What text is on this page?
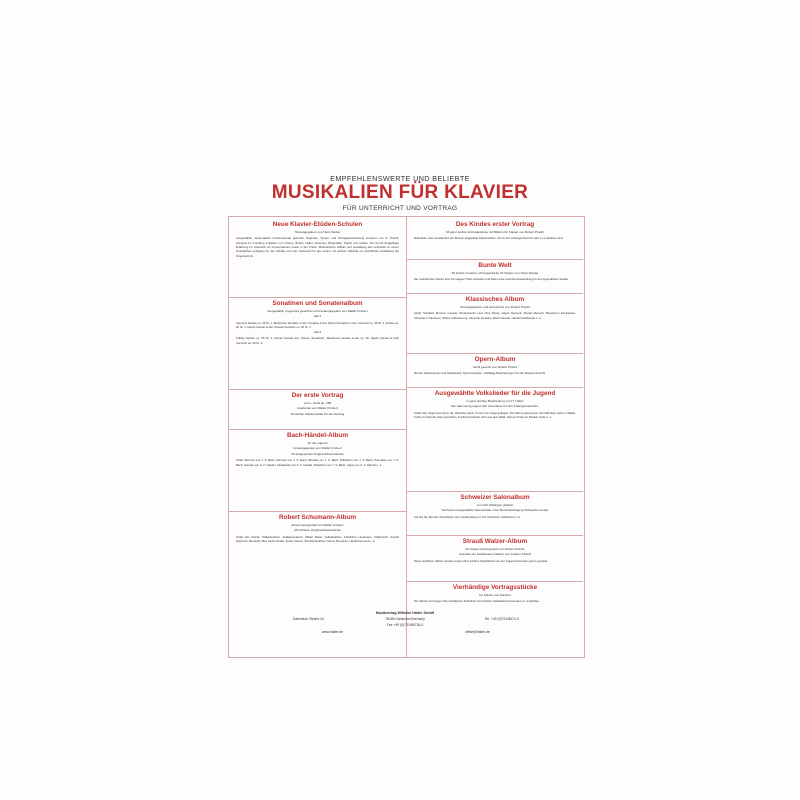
EMPFEHLENSWERTE UND BELIEBTE
MUSIKALIEN FÜR KLAVIER
FÜR UNTERRICHT UND VORTRAG
Neue Klavier-Etüden-Schulen
Herausgegeben von Hans Weber
Ausgewählte, systematisch fortschreitende gesunde, fingernde, Tempo- und Vortragsbezeichnung versehen von R. Pracht. (Vorspiel zu 3 Heften) 3 Etüden von Czerny, Bertini, Heller, Duvernoy, Burgmüller, Pracht und andere. Auf Grund langjähriger Erfahrung im Unterricht an Konservatorien sowie in der Praxis. Methodischer Aufbau und Gestaltung des Lehrstoffs zu einem einheitlichen Lehrgang für den Schüler und zum Gebrauch für den Lehrer mit reichem Material zur gründlichen Ausbildung der Fingertechnik.
Sonatinen und Sonatenalbum
Ausgewählt, progressiv geordnet und herausgegeben von Walter Frickert
Heft 1
Clementi Sonate op. 36 Nr. 1, Beethoven Sonatine G-dur, Sonatine F-dur, Mozart Sonatine C-dur, Clementi op. 36 Nr. 2, Kuhlau op. 20 Nr. 1, Haydn Sonate G-dur, Dussek Sonatine op. 20 Nr. 1.
Heft 2
Kuhlau Sonate op. 55 Nr. 2, Mozart Sonate aus „Wiener Sonatinen“, Beethoven Sonate G-dur op. 49, Haydn Sonate E-moll, Clementi op. 26 Nr. 2.
Der erste Vortrag
von L. Seidl op. 258
bearbeitet von Walter Frickert
40 leichte Klavierstücke für den Anfang
Bach-Händel-Album
für die Jugend
herausgegeben von Walter Frickert
25 ausgesuchte Original-Klavierstücke
Inhalt: Menuett von J. S. Bach, Menuett von J. S. Bach, Musette von J. S. Bach, Präludium von J. S. Bach, Polonaise von J. S. Bach, Gavotte von G. F. Händel, Sarabande von G. F. Händel, Präludium von J. S. Bach, Gigue von G. F. Händel u. a.
Robert Schumann-Album
Zusammengestellt von Walter Frickert
25 leichtere Original-Klavierstücke
Inhalt: Ein Choral, Trällerliedchen, Soldatenmarsch, Wilder Reiter, Volksliedchen, Fröhlicher Landmann, Sizilianisch, Knecht Ruprecht, Mai lieber Mai, Kleine Studie, Erster Verlust, Schnitterliedchen, Kleine Romanze, Ländliches Lied u. a.
Des Kindes erster Vortrag
36 ganz leichte Vortragsstücke mit Bildern für Klavier von Robert Pracht
Melodiöse, dem Verständnis der Kleinen angepaßte Klavierstücke, die für den Anfangsunterricht sehr zu empfehlen sind.
Bunte Welt
25 leichte moderne Vortragsstücke für Klavier von Hans Zander
Die melodischen Stücke sind mit lustigen Titeln versehen und bieten eine reizvolle Abwechslung für den jugendlichen Spieler.
Klassisches Album
Herausgegeben und bezeichnet von Robert Pracht
Inhalt: Schubert Moment musical, Mendelssohn Lied ohne Worte, Haydn Menuett, Mozart Menuett, Beethoven Ecossaisen, Schumann Träumerei, Weber Aufforderung, Clementi Sonatine, Bach Gavotte, Händel Sarabande u. a.
Opern-Album
leicht gesetzt von Robert Pracht
Mit den bekanntesten und beliebtesten Opernmelodien. Vielfältige Bearbeitungen für den Klavierunterricht.
Ausgewählte Volkslieder für die Jugend
in ganz leichter Bearbeitung von H. Halter
Die Sammlung eignet sich besonders für den Anfangsunterricht.
Inhalt: Alle Vögel sind schon da, Hänschen klein, Kommt ein Vogel geflogen, Der Mai ist gekommen, Ein Männlein steht im Walde, Fuchs du hast die Gans gestohlen, Kuckuck Kuckuck ruft's aus dem Wald, Sah ein Knab ein Röslein stehn u. a.
Schweizer Salonalbum
von Karl Wellinger (Jäckle)
Sechzehn ausgewählte Salonstücke unter Berücksichtigung Schweizer Lieder
Auf der Alp, Bei den Sennhütten, Der Glockenklang im Tal, Schweizer Volkstänze u. a.
Strauß Walzer-Album
für Klavier leicht gesetzt von Robert Pracht
Auswahl der beliebtesten Walzer von Johann Strauß
Diese herrlichen Walzer wurden wegen ihrer leichten Spielbarkeit von der Jugend besonders gerne gespielt.
Vierhändige Vortragsstücke
für Klavier von Sartorio
Die Stücke sind wegen ihrer dankbaren Schreibart und leichten Spielbarkeit besonders zu empfehlen.
Musikverlag Wilhelm Halter GmbH
Gabrielum Straße 24	76185 Karlsruhe/Germany	Tel. +49 (0)721/5672-0
Fax +49 (0)721/56726-0
www.halter.de	office@halter.de
